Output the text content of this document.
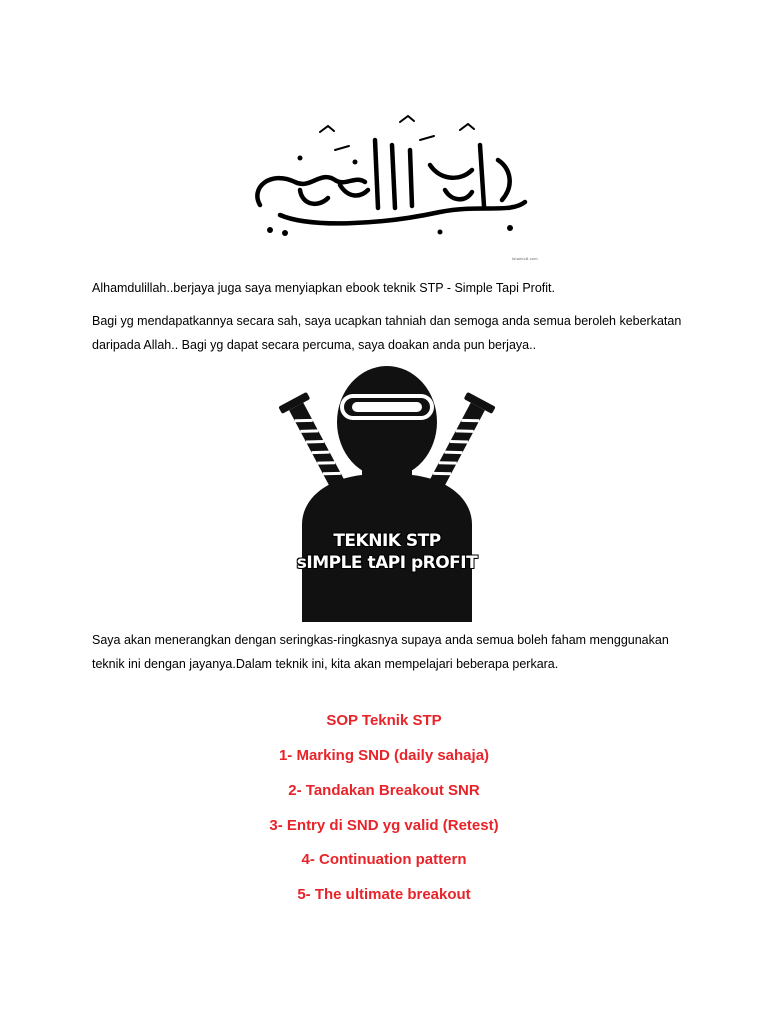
Islamic8.com

Alhamdulillah..berjaya juga saya menyiapkan ebook teknik STP - Simple Tapi Profit.

Bagi yg mendapatkannya secara sah, saya ucapkan tahniah dan semoga anda semua beroleh keberkatan daripada Allah.. Bagi yg dapat secara percuma, saya doakan anda pun berjaya..

TEKNIK STP
sIMPLE tAPI pROFIT

Saya akan menerangkan dengan seringkas-ringkasnya supaya anda semua boleh faham menggunakan teknik ini dengan jayanya.Dalam teknik ini, kita akan mempelajari beberapa perkara.

SOP Teknik STP

1- Marking SND (daily sahaja)

2- Tandakan Breakout SNR

3- Entry di SND yg valid (Retest)

4- Continuation pattern

5- The ultimate breakout
